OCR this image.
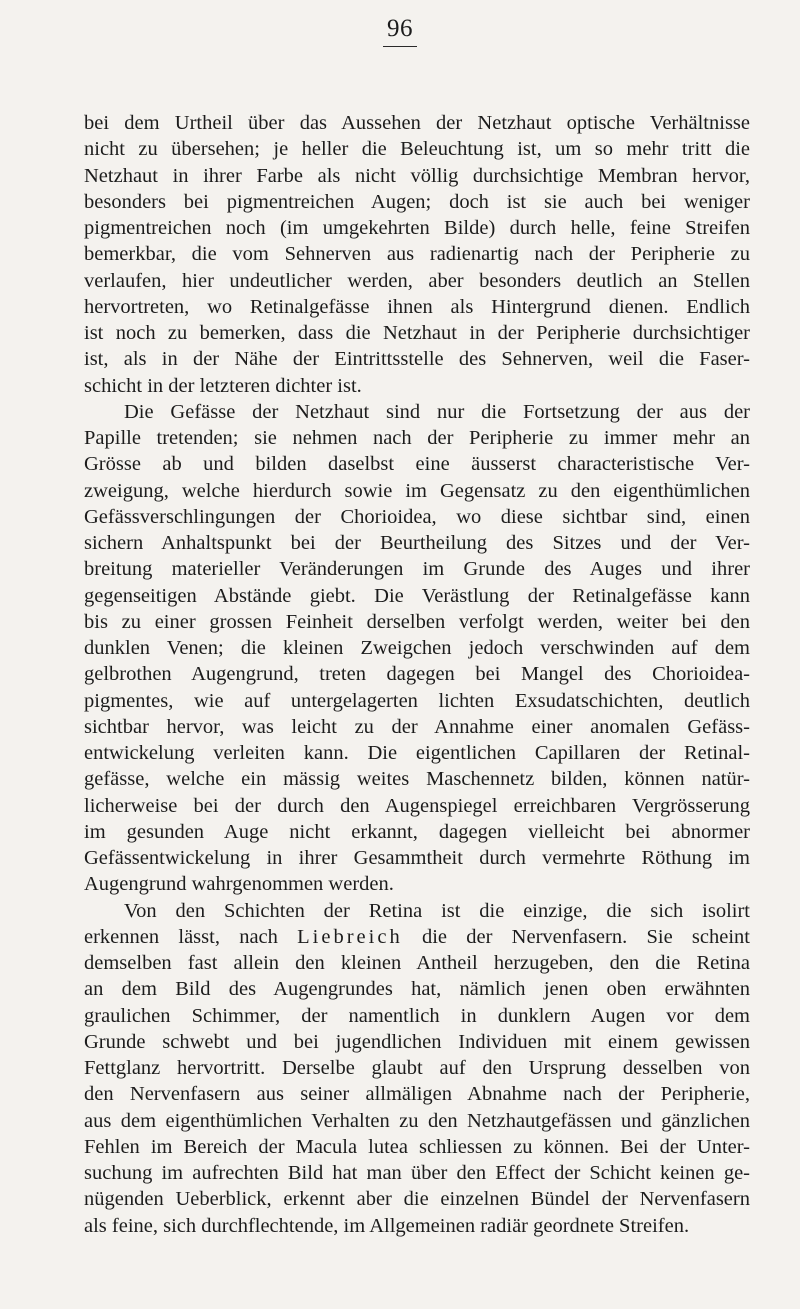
96
bei dem Urtheil über das Aussehen der Netzhaut optische Verhältnisse
nicht zu übersehen; je heller die Beleuchtung ist, um so mehr tritt die
Netzhaut in ihrer Farbe als nicht völlig durchsichtige Membran hervor,
besonders bei pigmentreichen Augen; doch ist sie auch bei weniger
pigmentreichen noch (im umgekehrten Bilde) durch helle, feine Streifen
bemerkbar, die vom Sehnerven aus radienartig nach der Peripherie zu
verlaufen, hier undeutlicher werden, aber besonders deutlich an Stellen
hervortreten, wo Retinalgefässe ihnen als Hintergrund dienen. Endlich
ist noch zu bemerken, dass die Netzhaut in der Peripherie durchsichtiger
ist, als in der Nähe der Eintrittsstelle des Sehnerven, weil die Faser-
schicht in der letzteren dichter ist.
Die Gefässe der Netzhaut sind nur die Fortsetzung der aus der
Papille tretenden; sie nehmen nach der Peripherie zu immer mehr an
Grösse ab und bilden daselbst eine äusserst characteristische Ver-
zweigung, welche hierdurch sowie im Gegensatz zu den eigenthümlichen
Gefässverschlingungen der Chorioidea, wo diese sichtbar sind, einen
sichern Anhaltspunkt bei der Beurtheilung des Sitzes und der Ver-
breitung materieller Veränderungen im Grunde des Auges und ihrer
gegenseitigen Abstände giebt. Die Verästlung der Retinalgefässe kann
bis zu einer grossen Feinheit derselben verfolgt werden, weiter bei den
dunklen Venen; die kleinen Zweigchen jedoch verschwinden auf dem
gelbrothen Augengrund, treten dagegen bei Mangel des Chorioidea-
pigmentes, wie auf untergelagerten lichten Exsudatschichten, deutlich
sichtbar hervor, was leicht zu der Annahme einer anomalen Gefäss-
entwickelung verleiten kann. Die eigentlichen Capillaren der Retinal-
gefässe, welche ein mässig weites Maschennetz bilden, können natür-
licherweise bei der durch den Augenspiegel erreichbaren Vergrösserung
im gesunden Auge nicht erkannt, dagegen vielleicht bei abnormer
Gefässentwickelung in ihrer Gesammtheit durch vermehrte Röthung im
Augengrund wahrgenommen werden.
Von den Schichten der Retina ist die einzige, die sich isolirt
erkennen lässt, nach Liebreich die der Nervenfasern. Sie scheint
demselben fast allein den kleinen Antheil herzugeben, den die Retina
an dem Bild des Augengrundes hat, nämlich jenen oben erwähnten
graulichen Schimmer, der namentlich in dunklern Augen vor dem
Grunde schwebt und bei jugendlichen Individuen mit einem gewissen
Fettglanz hervortritt. Derselbe glaubt auf den Ursprung desselben von
den Nervenfasern aus seiner allmäligen Abnahme nach der Peripherie,
aus dem eigenthümlichen Verhalten zu den Netzhautgefässen und gänzlichen
Fehlen im Bereich der Macula lutea schliessen zu können. Bei der Unter-
suchung im aufrechten Bild hat man über den Effect der Schicht keinen ge-
nügenden Ueberblick, erkennt aber die einzelnen Bündel der Nervenfasern
als feine, sich durchflechtende, im Allgemeinen radiär geordnete Streifen.
